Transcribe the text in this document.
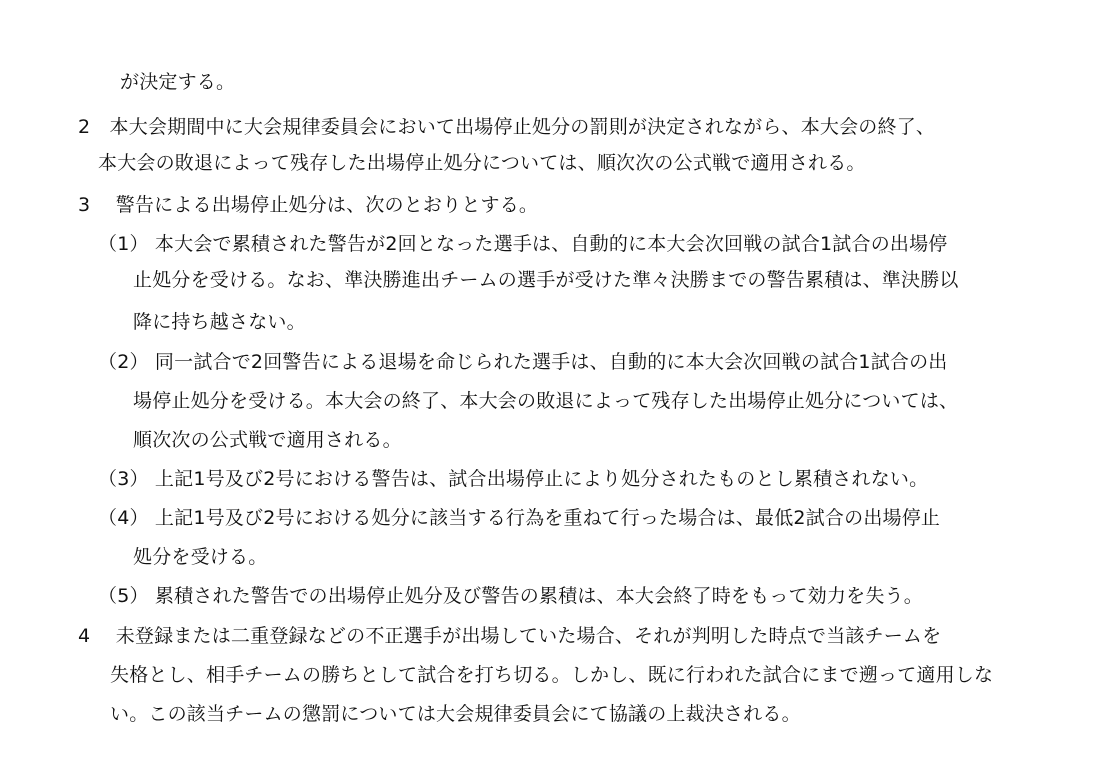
が決定する。
2　本大会期間中に大会規律委員会において出場停止処分の罰則が決定されながら、本大会の終了、
本大会の敗退によって残存した出場停止処分については、順次次の公式戦で適用される。
3　 警告による出場停止処分は、次のとおりとする。
（1） 本大会で累積された警告が2回となった選手は、自動的に本大会次回戦の試合1試合の出場停
止処分を受ける。なお、準決勝進出チームの選手が受けた準々決勝までの警告累積は、準決勝以
降に持ち越さない。
（2） 同一試合で2回警告による退場を命じられた選手は、自動的に本大会次回戦の試合1試合の出
場停止処分を受ける。本大会の終了、本大会の敗退によって残存した出場停止処分については、
順次次の公式戦で適用される。
（3） 上記1号及び2号における警告は、試合出場停止により処分されたものとし累積されない。
（4） 上記1号及び2号における処分に該当する行為を重ねて行った場合は、最低2試合の出場停止
処分を受ける。
（5） 累積された警告での出場停止処分及び警告の累積は、本大会終了時をもって効力を失う。
4　 未登録または二重登録などの不正選手が出場していた場合、それが判明した時点で当該チームを
失格とし、相手チームの勝ちとして試合を打ち切る。しかし、既に行われた試合にまで遡って適用しな
い。この該当チームの懲罰については大会規律委員会にて協議の上裁決される。
